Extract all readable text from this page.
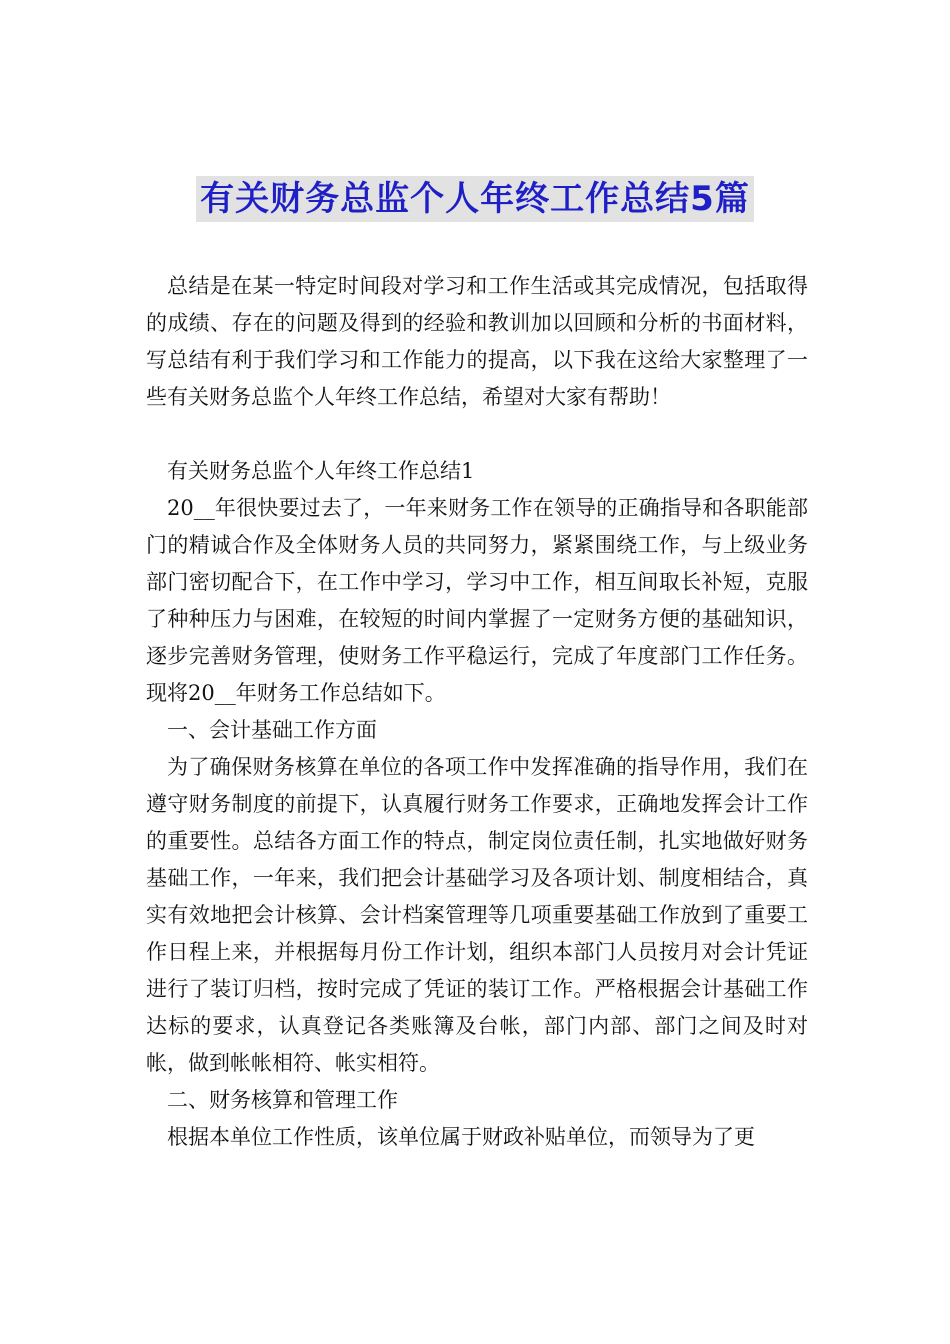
有关财务总监个人年终工作总结5篇

总结是在某一特定时间段对学习和工作生活或其完成情况，包括取得的成绩、存在的问题及得到的经验和教训加以回顾和分析的书面材料，写总结有利于我们学习和工作能力的提高，以下我在这给大家整理了一些有关财务总监个人年终工作总结，希望对大家有帮助！

有关财务总监个人年终工作总结1

20__年很快要过去了，一年来财务工作在领导的正确指导和各职能部门的精诚合作及全体财务人员的共同努力，紧紧围绕工作，与上级业务部门密切配合下，在工作中学习，学习中工作，相互间取长补短，克服了种种压力与困难，在较短的时间内掌握了一定财务方便的基础知识，逐步完善财务管理，使财务工作平稳运行，完成了年度部门工作任务。现将20__年财务工作总结如下。

一、会计基础工作方面

为了确保财务核算在单位的各项工作中发挥准确的指导作用，我们在遵守财务制度的前提下，认真履行财务工作要求，正确地发挥会计工作的重要性。总结各方面工作的特点，制定岗位责任制，扎实地做好财务基础工作，一年来，我们把会计基础学习及各项计划、制度相结合，真实有效地把会计核算、会计档案管理等几项重要基础工作放到了重要工作日程上来，并根据每月份工作计划，组织本部门人员按月对会计凭证进行了装订归档，按时完成了凭证的装订工作。严格根据会计基础工作达标的要求，认真登记各类账簿及台帐，部门内部、部门之间及时对帐，做到帐帐相符、帐实相符。

二、财务核算和管理工作

根据本单位工作性质，该单位属于财政补贴单位，而领导为了更
